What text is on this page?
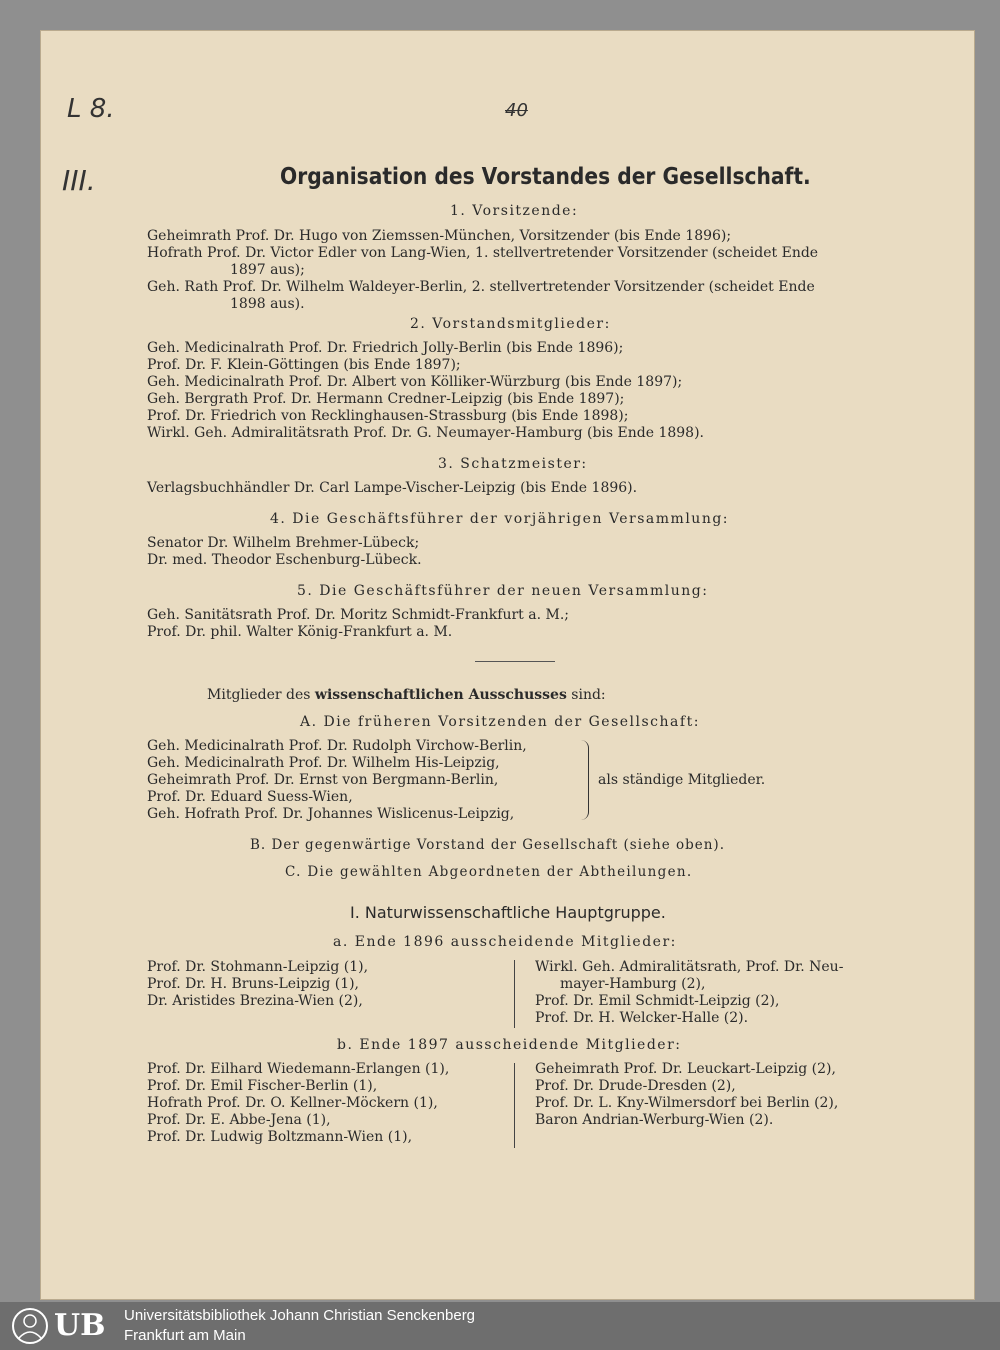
L 8.	40
III.	Organisation des Vorstandes der Gesellschaft.
1. Vorsitzende:
Geheimrath Prof. Dr. Hugo von Ziemssen-München, Vorsitzender (bis Ende 1896);
Hofrath Prof. Dr. Victor Edler von Lang-Wien, 1. stellvertretender Vorsitzender (scheidet Ende
1897 aus);
Geh. Rath Prof. Dr. Wilhelm Waldeyer-Berlin, 2. stellvertretender Vorsitzender (scheidet Ende
1898 aus).
2. Vorstandsmitglieder:
Geh. Medicinalrath Prof. Dr. Friedrich Jolly-Berlin (bis Ende 1896);
Prof. Dr. F. Klein-Göttingen (bis Ende 1897);
Geh. Medicinalrath Prof. Dr. Albert von Kölliker-Würzburg (bis Ende 1897);
Geh. Bergrath Prof. Dr. Hermann Credner-Leipzig (bis Ende 1897);
Prof. Dr. Friedrich von Recklinghausen-Strassburg (bis Ende 1898);
Wirkl. Geh. Admiralitätsrath Prof. Dr. G. Neumayer-Hamburg (bis Ende 1898).
3. Schatzmeister:
Verlagsbuchhändler Dr. Carl Lampe-Vischer-Leipzig (bis Ende 1896).
4. Die Geschäftsführer der vorjährigen Versammlung:
Senator Dr. Wilhelm Brehmer-Lübeck;
Dr. med. Theodor Eschenburg-Lübeck.
5. Die Geschäftsführer der neuen Versammlung:
Geh. Sanitätsrath Prof. Dr. Moritz Schmidt-Frankfurt a. M.;
Prof. Dr. phil. Walter König-Frankfurt a. M.
Mitglieder des wissenschaftlichen Ausschusses sind:
A. Die früheren Vorsitzenden der Gesellschaft:
Geh. Medicinalrath Prof. Dr. Rudolph Virchow-Berlin,
Geh. Medicinalrath Prof. Dr. Wilhelm His-Leipzig,
Geheimrath Prof. Dr. Ernst von Bergmann-Berlin,
Prof. Dr. Eduard Suess-Wien,
Geh. Hofrath Prof. Dr. Johannes Wislicenus-Leipzig,
als ständige Mitglieder.
B. Der gegenwärtige Vorstand der Gesellschaft (siehe oben).
C. Die gewählten Abgeordneten der Abtheilungen.
I. Naturwissenschaftliche Hauptgruppe.
a. Ende 1896 ausscheidende Mitglieder:
Prof. Dr. Stohmann-Leipzig (1),
Prof. Dr. H. Bruns-Leipzig (1),
Dr. Aristides Brezina-Wien (2),
Wirkl. Geh. Admiralitätsrath, Prof. Dr. Neu-
mayer-Hamburg (2),
Prof. Dr. Emil Schmidt-Leipzig (2),
Prof. Dr. H. Welcker-Halle (2).
b. Ende 1897 ausscheidende Mitglieder:
Prof. Dr. Eilhard Wiedemann-Erlangen (1),
Prof. Dr. Emil Fischer-Berlin (1),
Hofrath Prof. Dr. O. Kellner-Möckern (1),
Prof. Dr. E. Abbe-Jena (1),
Prof. Dr. Ludwig Boltzmann-Wien (1),
Geheimrath Prof. Dr. Leuckart-Leipzig (2),
Prof. Dr. Drude-Dresden (2),
Prof. Dr. L. Kny-Wilmersdorf bei Berlin (2),
Baron Andrian-Werburg-Wien (2).
UB Universitätsbibliothek Johann Christian Senckenberg
Frankfurt am Main
